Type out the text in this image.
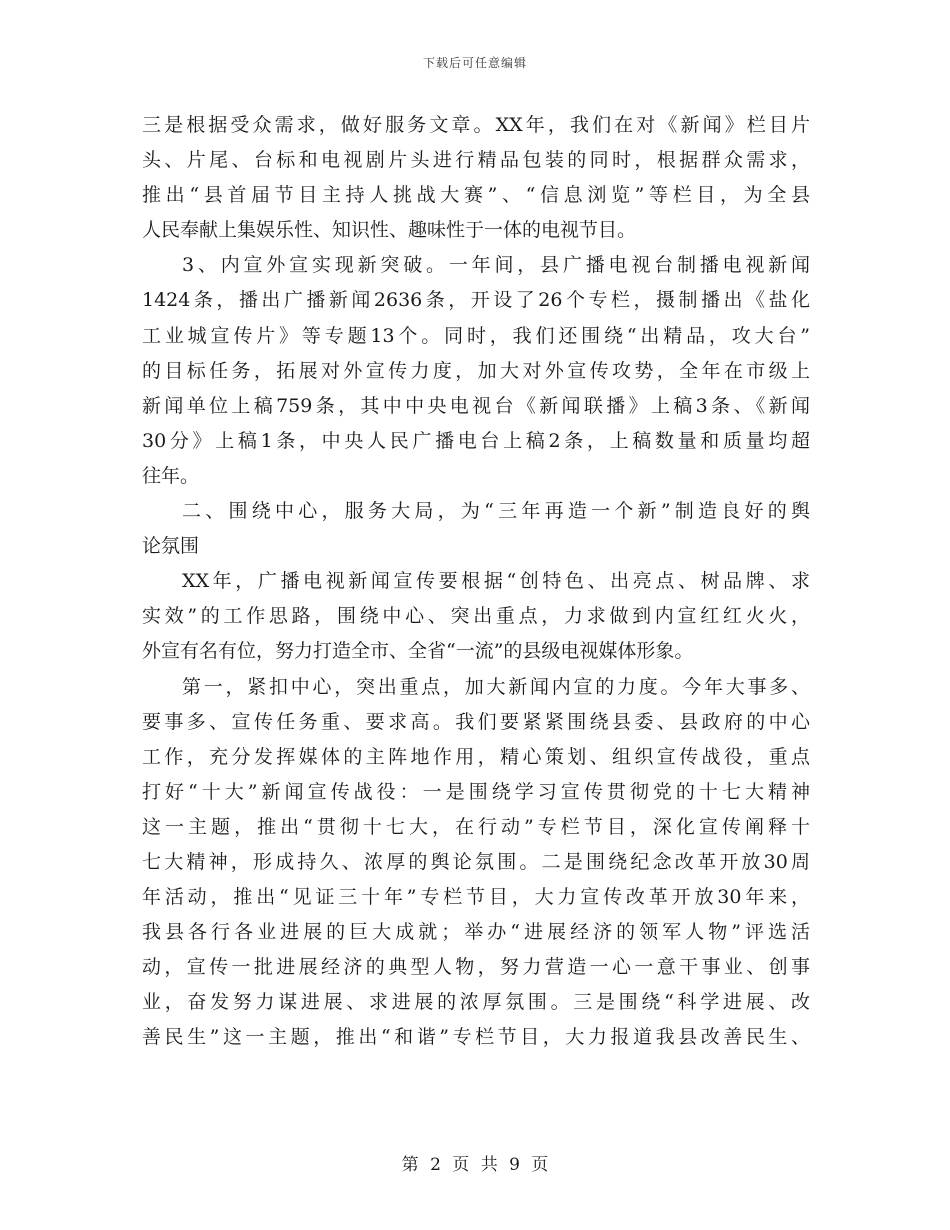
下载后可任意编辑
三是根据受众需求，做好服务文章。XX年，我们在对《新闻》栏目片
头、片尾、台标和电视剧片头进行精品包装的同时，根据群众需求，
推出“县首届节目主持人挑战大赛”、“信息浏览”等栏目，为全县
人民奉献上集娱乐性、知识性、趣味性于一体的电视节目。
3、内宣外宣实现新突破。一年间，县广播电视台制播电视新闻
1424条，播出广播新闻2636条，开设了26个专栏，摄制播出《盐化
工业城宣传片》等专题13个。同时，我们还围绕“出精品，攻大台”
的目标任务，拓展对外宣传力度，加大对外宣传攻势，全年在市级上
新闻单位上稿759条，其中中央电视台《新闻联播》上稿3条、《新闻
30分》上稿1条，中央人民广播电台上稿2条，上稿数量和质量均超
往年。
二、围绕中心，服务大局，为“三年再造一个新”制造良好的舆
论氛围
XX年，广播电视新闻宣传要根据“创特色、出亮点、树品牌、求
实效”的工作思路，围绕中心、突出重点，力求做到内宣红红火火，
外宣有名有位，努力打造全市、全省“一流”的县级电视媒体形象。
第一，紧扣中心，突出重点，加大新闻内宣的力度。今年大事多、
要事多、宣传任务重、要求高。我们要紧紧围绕县委、县政府的中心
工作，充分发挥媒体的主阵地作用，精心策划、组织宣传战役，重点
打好“十大”新闻宣传战役：一是围绕学习宣传贯彻党的十七大精神
这一主题，推出“贯彻十七大，在行动”专栏节目，深化宣传阐释十
七大精神，形成持久、浓厚的舆论氛围。二是围绕纪念改革开放30周
年活动，推出“见证三十年”专栏节目，大力宣传改革开放30年来，
我县各行各业进展的巨大成就；举办“进展经济的领军人物”评选活
动，宣传一批进展经济的典型人物，努力营造一心一意干事业、创事
业，奋发努力谋进展、求进展的浓厚氛围。三是围绕“科学进展、改
善民生”这一主题，推出“和谐”专栏节目，大力报道我县改善民生、
第 2 页 共 9 页
